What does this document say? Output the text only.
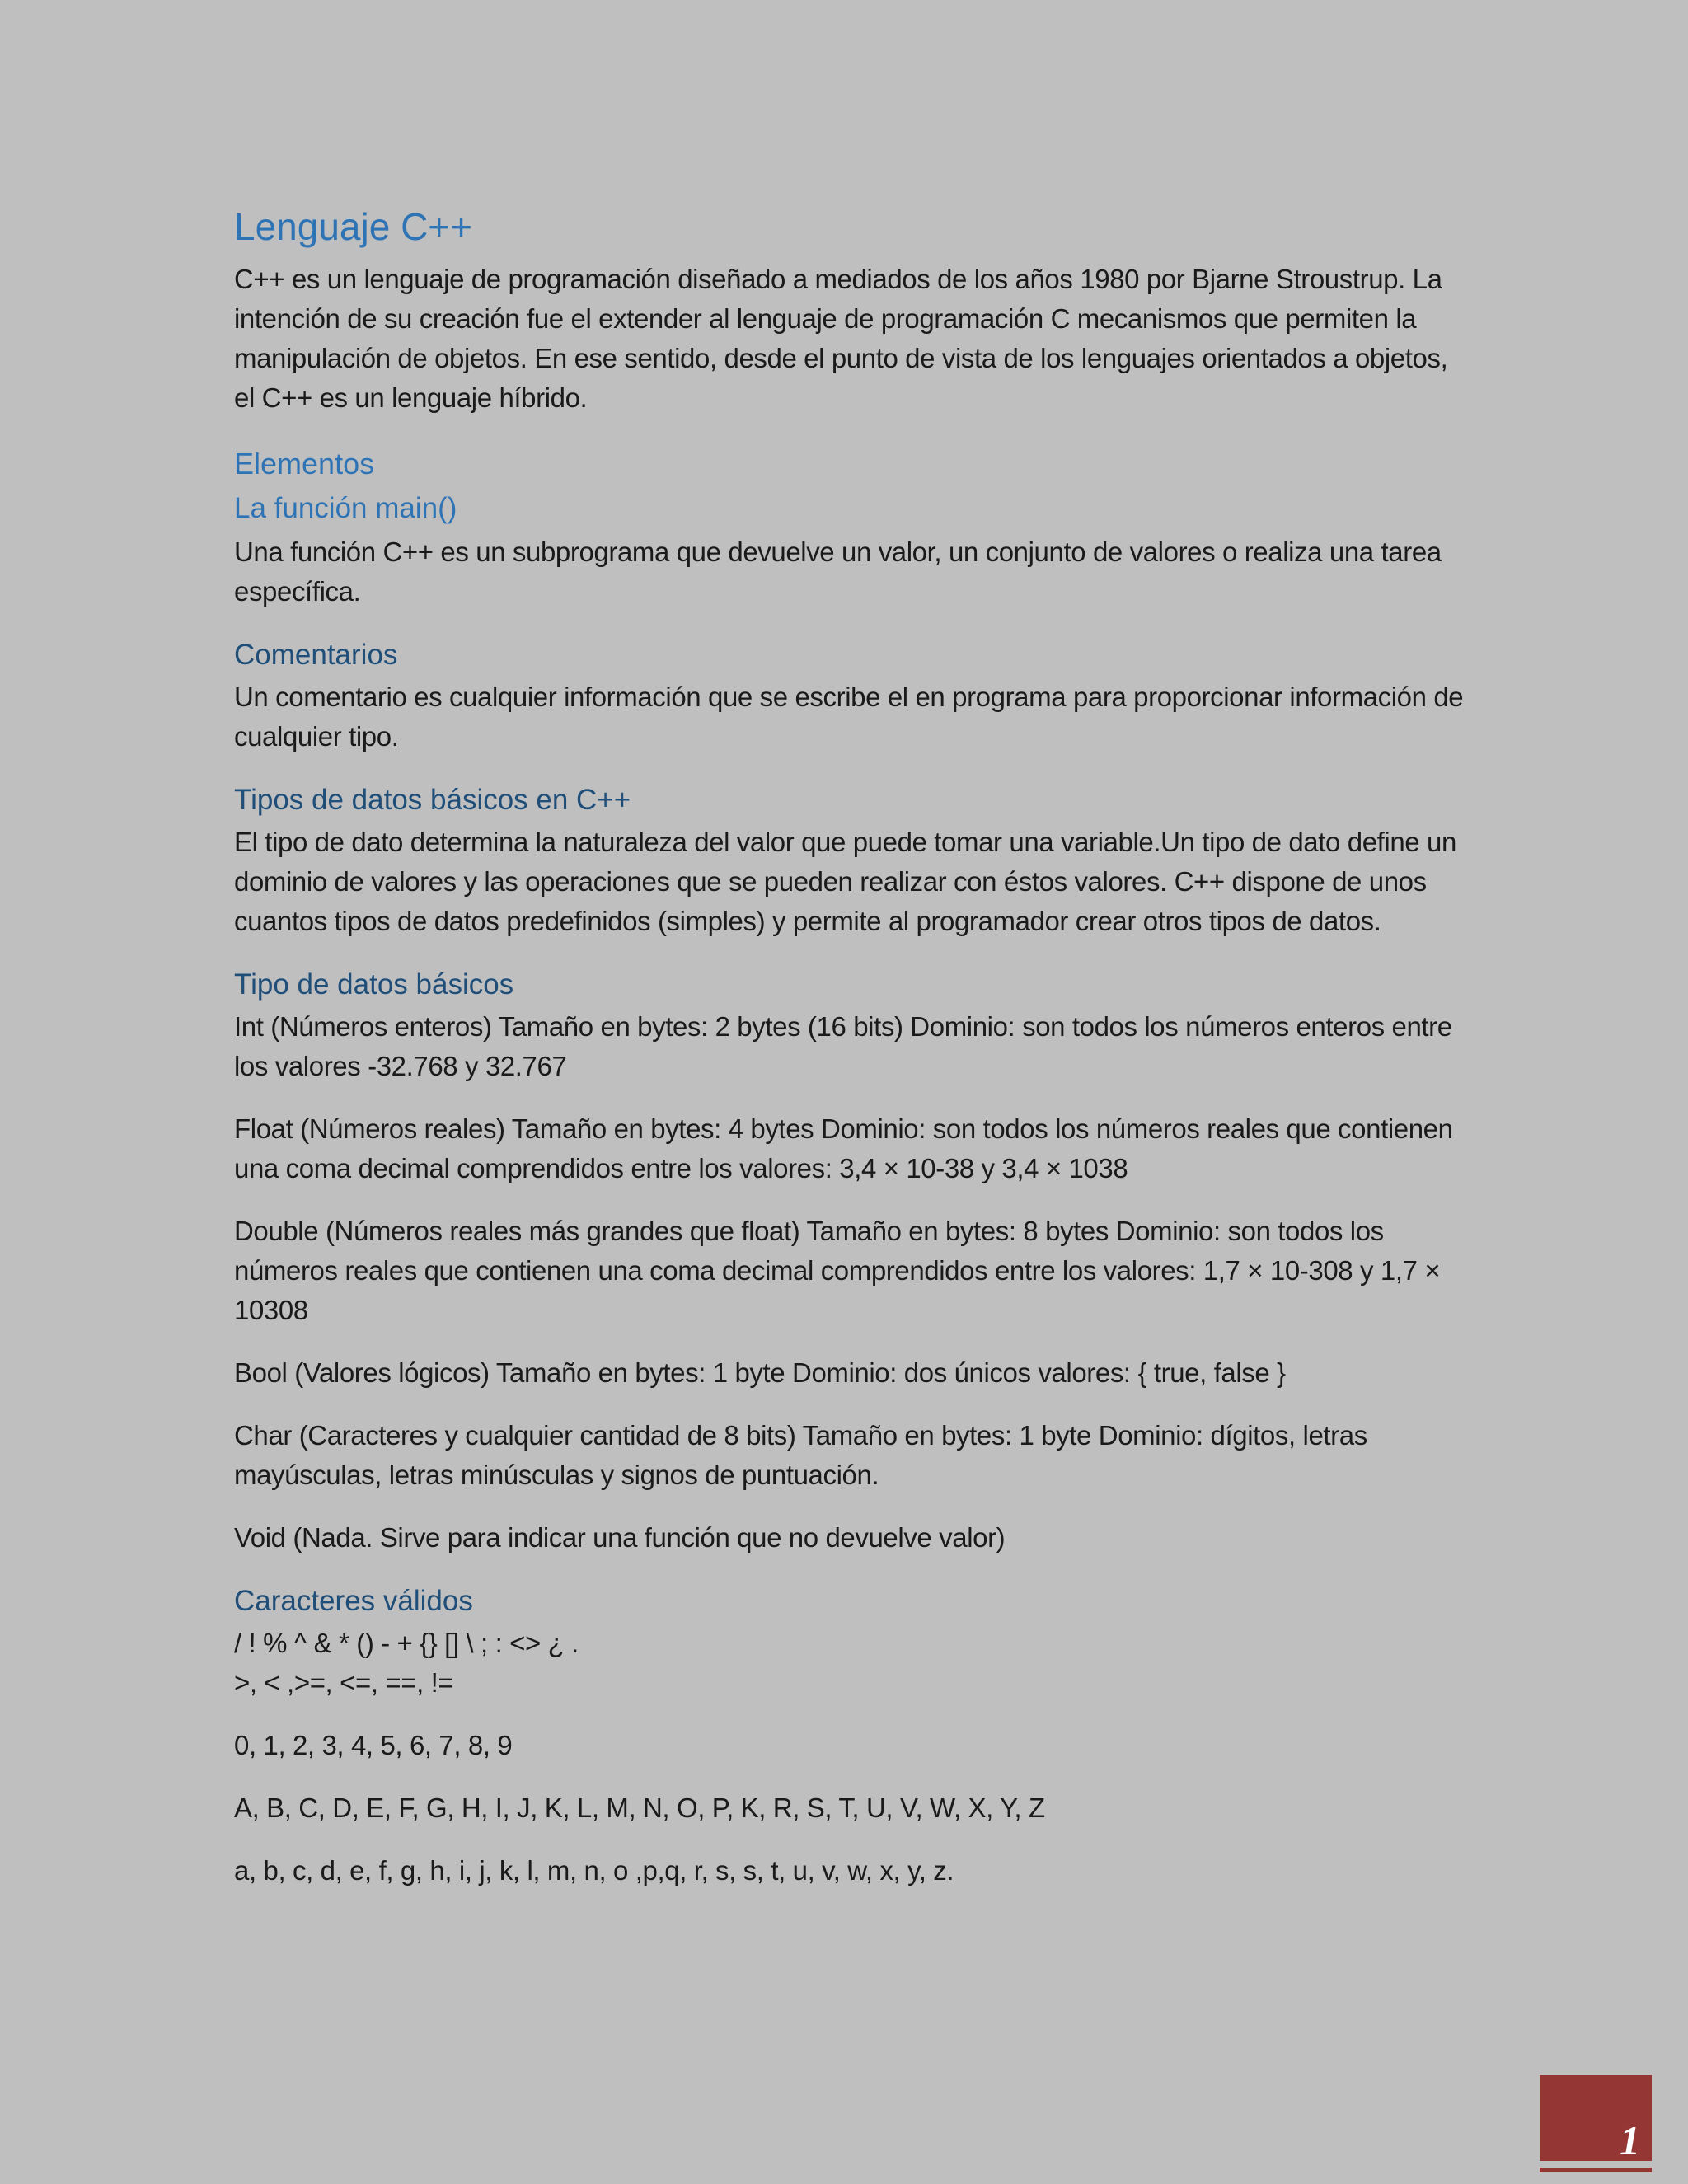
Lenguaje C++

C++ es un lenguaje de programación diseñado a mediados de los años 1980 por Bjarne Stroustrup. La intención de su creación fue el extender al lenguaje de programación C mecanismos que permiten la manipulación de objetos. En ese sentido, desde el punto de vista de los lenguajes orientados a objetos, el C++ es un lenguaje híbrido.

Elementos
La función main()

Una función C++ es un subprograma que devuelve un valor, un conjunto de valores o realiza una tarea específica.

Comentarios

Un comentario es cualquier información que se escribe el en programa para proporcionar información de cualquier tipo.

Tipos de datos básicos en C++

El tipo de dato determina la naturaleza del valor que puede tomar una variable.Un tipo de dato define un dominio de valores y las operaciones que se pueden realizar con éstos valores. C++ dispone de unos cuantos tipos de datos predefinidos (simples) y permite al programador crear otros tipos de datos.

Tipo de datos básicos

Int (Números enteros) Tamaño en bytes: 2 bytes (16 bits) Dominio: son todos los números enteros entre los valores -32.768 y 32.767

Float (Números reales) Tamaño en bytes: 4 bytes Dominio: son todos los números reales que contienen una coma decimal comprendidos entre los valores: 3,4 × 10-38 y 3,4 × 1038

Double (Números reales más grandes que float) Tamaño en bytes: 8 bytes Dominio: son todos los números reales que contienen una coma decimal comprendidos entre los valores: 1,7 × 10-308 y 1,7 × 10308

Bool (Valores lógicos) Tamaño en bytes: 1 byte Dominio: dos únicos valores: { true, false }

Char (Caracteres y cualquier cantidad de 8 bits) Tamaño en bytes: 1 byte Dominio: dígitos, letras mayúsculas, letras minúsculas y signos de puntuación.

Void (Nada. Sirve para indicar una función que no devuelve valor)

Caracteres válidos

/ ! % ^ & * () - + {} [] \ ; : <> ¿ .

>, < ,>=, <=, ==, !=

0, 1, 2, 3, 4, 5, 6, 7, 8, 9

A, B, C, D, E, F, G, H, I, J, K, L, M, N, O, P, K, R, S, T, U, V, W, X, Y, Z

a, b, c, d, e, f, g, h, i, j, k, l, m, n, o ,p,q, r, s, s, t, u, v, w, x, y, z.

1
